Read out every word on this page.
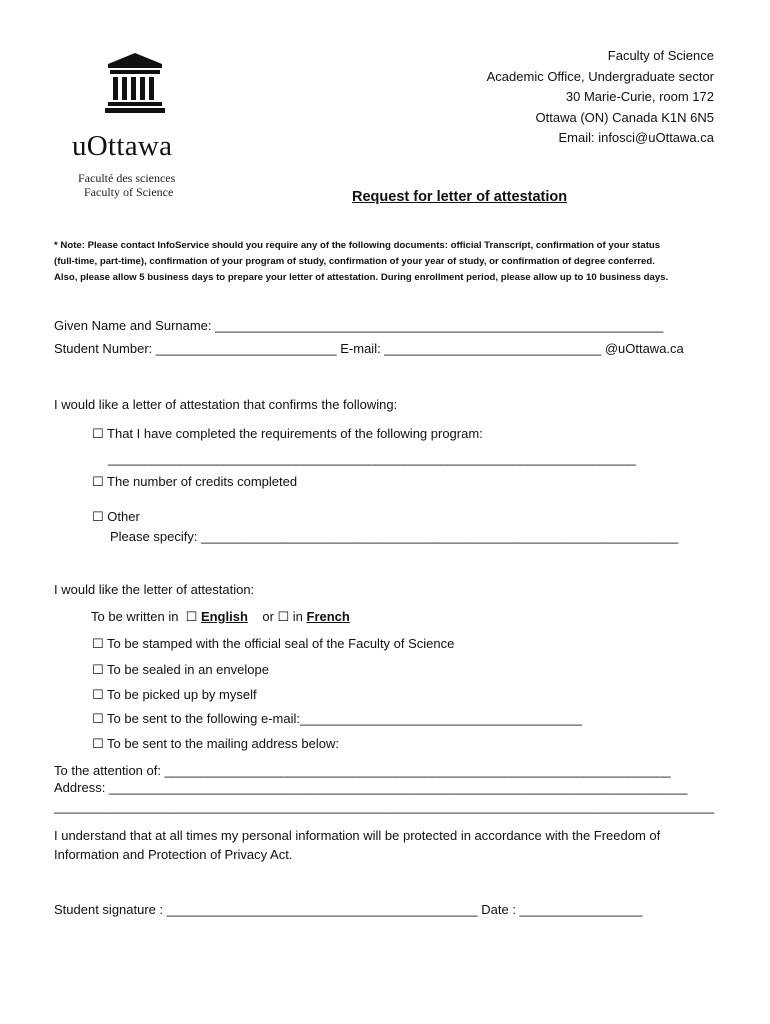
uOttawa
Faculté des sciences
Faculty of Science
Faculty of Science
Academic Office, Undergraduate sector
30 Marie-Curie, room 172
Ottawa (ON) Canada K1N 6N5
Email: infosci@uOttawa.ca
Request for letter of attestation
* Note: Please contact InfoService should you require any of the following documents: official Transcript, confirmation of your status
(full-time, part-time), confirmation of your program of study, confirmation of your year of study, or confirmation of degree conferred.
Also, please allow 5 business days to prepare your letter of attestation. During enrollment period, please allow up to 10 business days.
Given Name and Surname: ______________________________________________________________
Student Number: _________________________ E-mail: ______________________________ @uOttawa.ca
I would like a letter of attestation that confirms the following:
☐ That I have completed the requirements of the following program:
_________________________________________________________________________
☐ The number of credits completed
☐ Other
Please specify: __________________________________________________________________
I would like the letter of attestation:
To be written in  ☐ English    or ☐ in French
☐ To be stamped with the official seal of the Faculty of Science
☐ To be sealed in an envelope
☐ To be picked up by myself
☐ To be sent to the following e-mail:_______________________________________
☐ To be sent to the mailing address below:
To the attention of: ______________________________________________________________________
Address: ________________________________________________________________________________
____________________________________________________________________________________________
I understand that at all times my personal information will be protected in accordance with the Freedom of
Information and Protection of Privacy Act.
Student signature : ___________________________________________ Date : _________________
